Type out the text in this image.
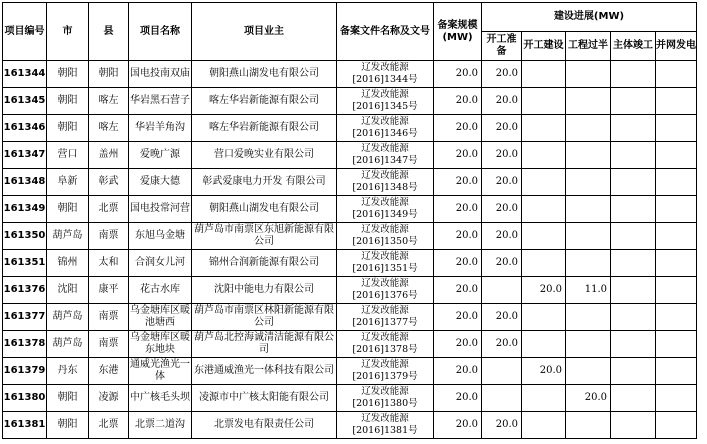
项目编号	市	县	项目名称	项目业主	备案文件名称及文号	备案规模(MW)	建设进展(MW)				
							开工准备	开工建设	工程过半	主体竣工	并网发电
161344	朝阳	朝阳	国电投南双庙	朝阳燕山湖发电有限公司	辽发改能源[2016]1344号	20.0	20.0				
161345	朝阳	喀左	华岩黑石营子	喀左华岩新能源有限公司	辽发改能源[2016]1345号	20.0	20.0				
161346	朝阳	喀左	华岩羊角沟	喀左华岩新能源有限公司	辽发改能源[2016]1346号	20.0	20.0				
161347	营口	盖州	爱晚广源	营口爱晚实业有限公司	辽发改能源[2016]1347号	20.0	20.0				
161348	阜新	彰武	爱康大德	彰武爱康电力开发 有限公司	辽发改能源[2016]1348号	20.0	20.0				
161349	朝阳	北票	国电投常河营	朝阳燕山湖发电有限公司	辽发改能源[2016]1349号	20.0	20.0				
161350	葫芦岛	南票	东旭乌金塘	葫芦岛市南票区东旭新能源有限公司	辽发改能源[2016]1350号	20.0	20.0				
161351	锦州	太和	合润女儿河	锦州合润新能源有限公司	辽发改能源[2016]1351号	20.0	20.0				
161376	沈阳	康平	花古水库	沈阳中能电力有限公司	辽发改能源[2016]1376号	20.0		20.0	11.0		
161377	葫芦岛	南票	乌金塘库区暖池塘西	葫芦岛市南票区林阳新能源有限公司	辽发改能源[2016]1377号	20.0	20.0				
161378	葫芦岛	南票	乌金塘库区暖东地块	葫芦岛北控海诚清洁能源有限公司	辽发改能源[2016]1378号	20.0	20.0				
161379	丹东	东港	通威光渔光一体	东港通威渔光一体科技有限公司	辽发改能源[2016]1379号	20.0		20.0			
161380	朝阳	凌源	中广核毛头坝	凌源市中广核太阳能有限公司	辽发改能源[2016]1380号	20.0			20.0		
161381	朝阳	北票	北票二道沟	北票发电有限责任公司	辽发改能源[2016]1381号	20.0	20.0				
